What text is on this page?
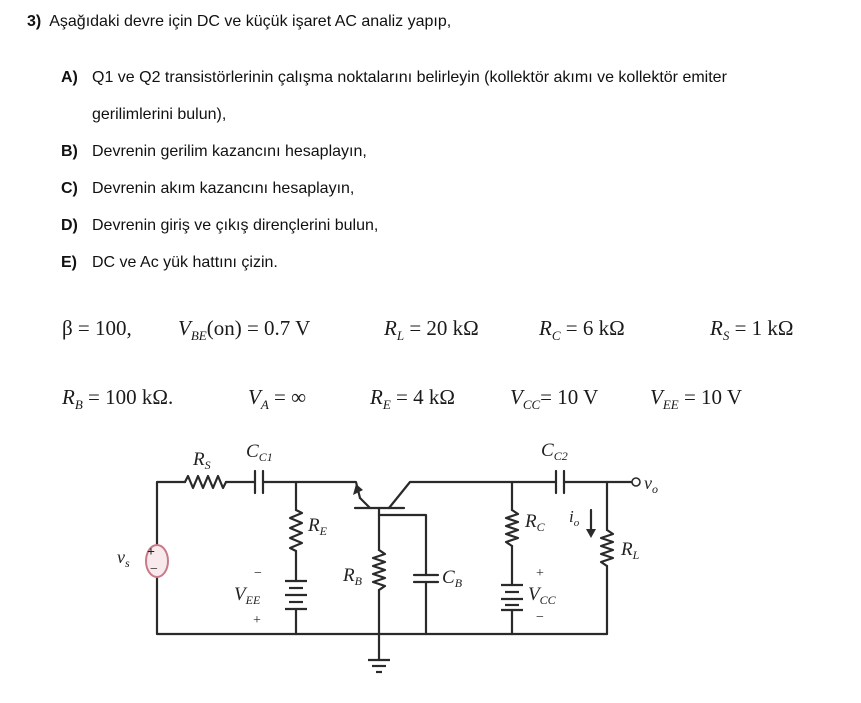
3) Aşağıdaki devre için DC ve küçük işaret AC analiz yapıp,
A) Q1 ve Q2 transistörlerinin çalışma noktalarını belirleyin (kollektör akımı ve kollektör emiter
gerilimlerini bulun),
B) Devrenin gerilim kazancını hesaplayın,
C) Devrenin akım kazancını hesaplayın,
D) Devrenin giriş ve çıkış dirençlerini bulun,
E) DC ve Ac yük hattını çizin.
β = 100, $V_{BE}(on) = 0.7$ V	$R_L = 20$ kΩ	$R_C = 6$ kΩ	$R_S = 1$ kΩ
$R_B = 100$ kΩ.	$V_A$ = ∞	$R_E = 4$ kΩ	$V_{CC}= 10$ V $V_{EE} = 10$ V
+
−
$v_s$
$R_S$
$C_{C1}$	$C_{C2}$
$v_o$
$R_E$
$R_B$	$C_B$
$R_C$
$i_o$
$R_L$
−
$V_{EE}$
+
+
$V_{CC}$
−
